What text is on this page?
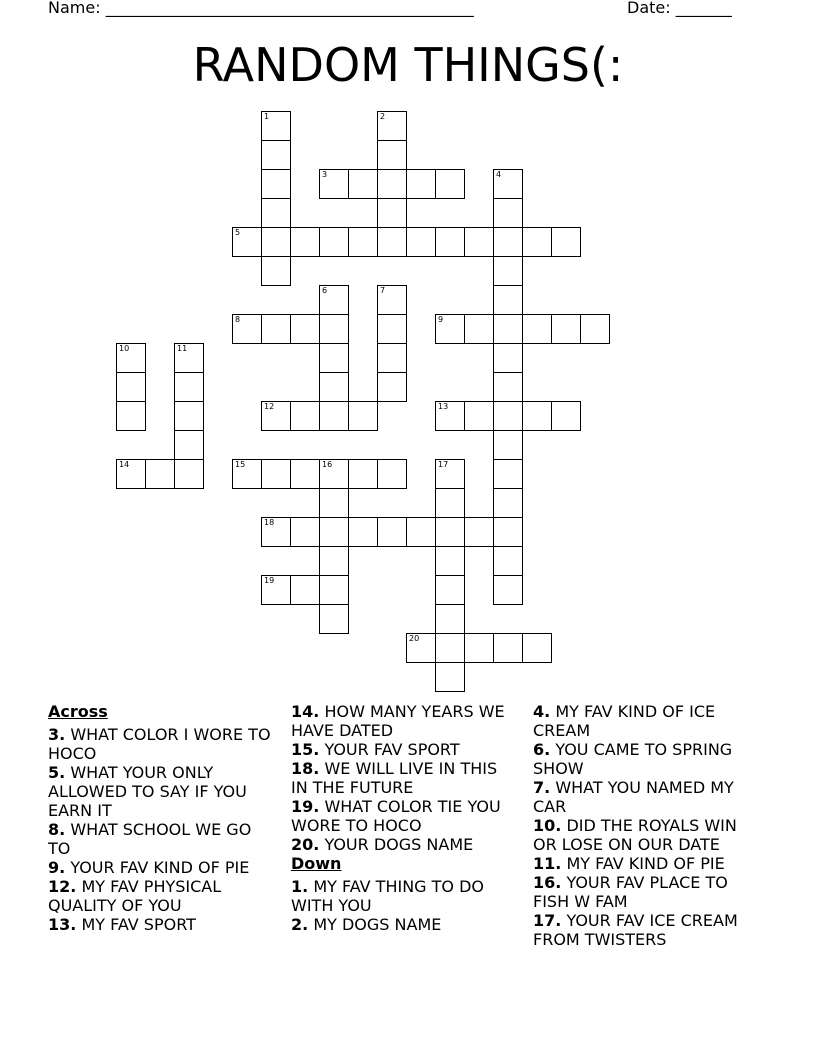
Name: ______________________________________________	Date: _______
RANDOM THINGS(:
1	2
3	4
5
6	7
8	9
10	11
12	13
14	15	16	17
18
19
20
Across
3. WHAT COLOR I WORE TO HOCO
5. WHAT YOUR ONLY ALLOWED TO SAY IF YOU EARN IT
8. WHAT SCHOOL WE GO TO
9. YOUR FAV KIND OF PIE
12. MY FAV PHYSICAL QUALITY OF YOU
13. MY FAV SPORT
14. HOW MANY YEARS WE HAVE DATED
15. YOUR FAV SPORT
18. WE WILL LIVE IN THIS IN THE FUTURE
19. WHAT COLOR TIE YOU WORE TO HOCO
20. YOUR DOGS NAME
Down
1. MY FAV THING TO DO WITH YOU
2. MY DOGS NAME
4. MY FAV KIND OF ICE CREAM
6. YOU CAME TO SPRING SHOW
7. WHAT YOU NAMED MY CAR
10. DID THE ROYALS WIN OR LOSE ON OUR DATE
11. MY FAV KIND OF PIE
16. YOUR FAV PLACE TO FISH W FAM
17. YOUR FAV ICE CREAM FROM TWISTERS
